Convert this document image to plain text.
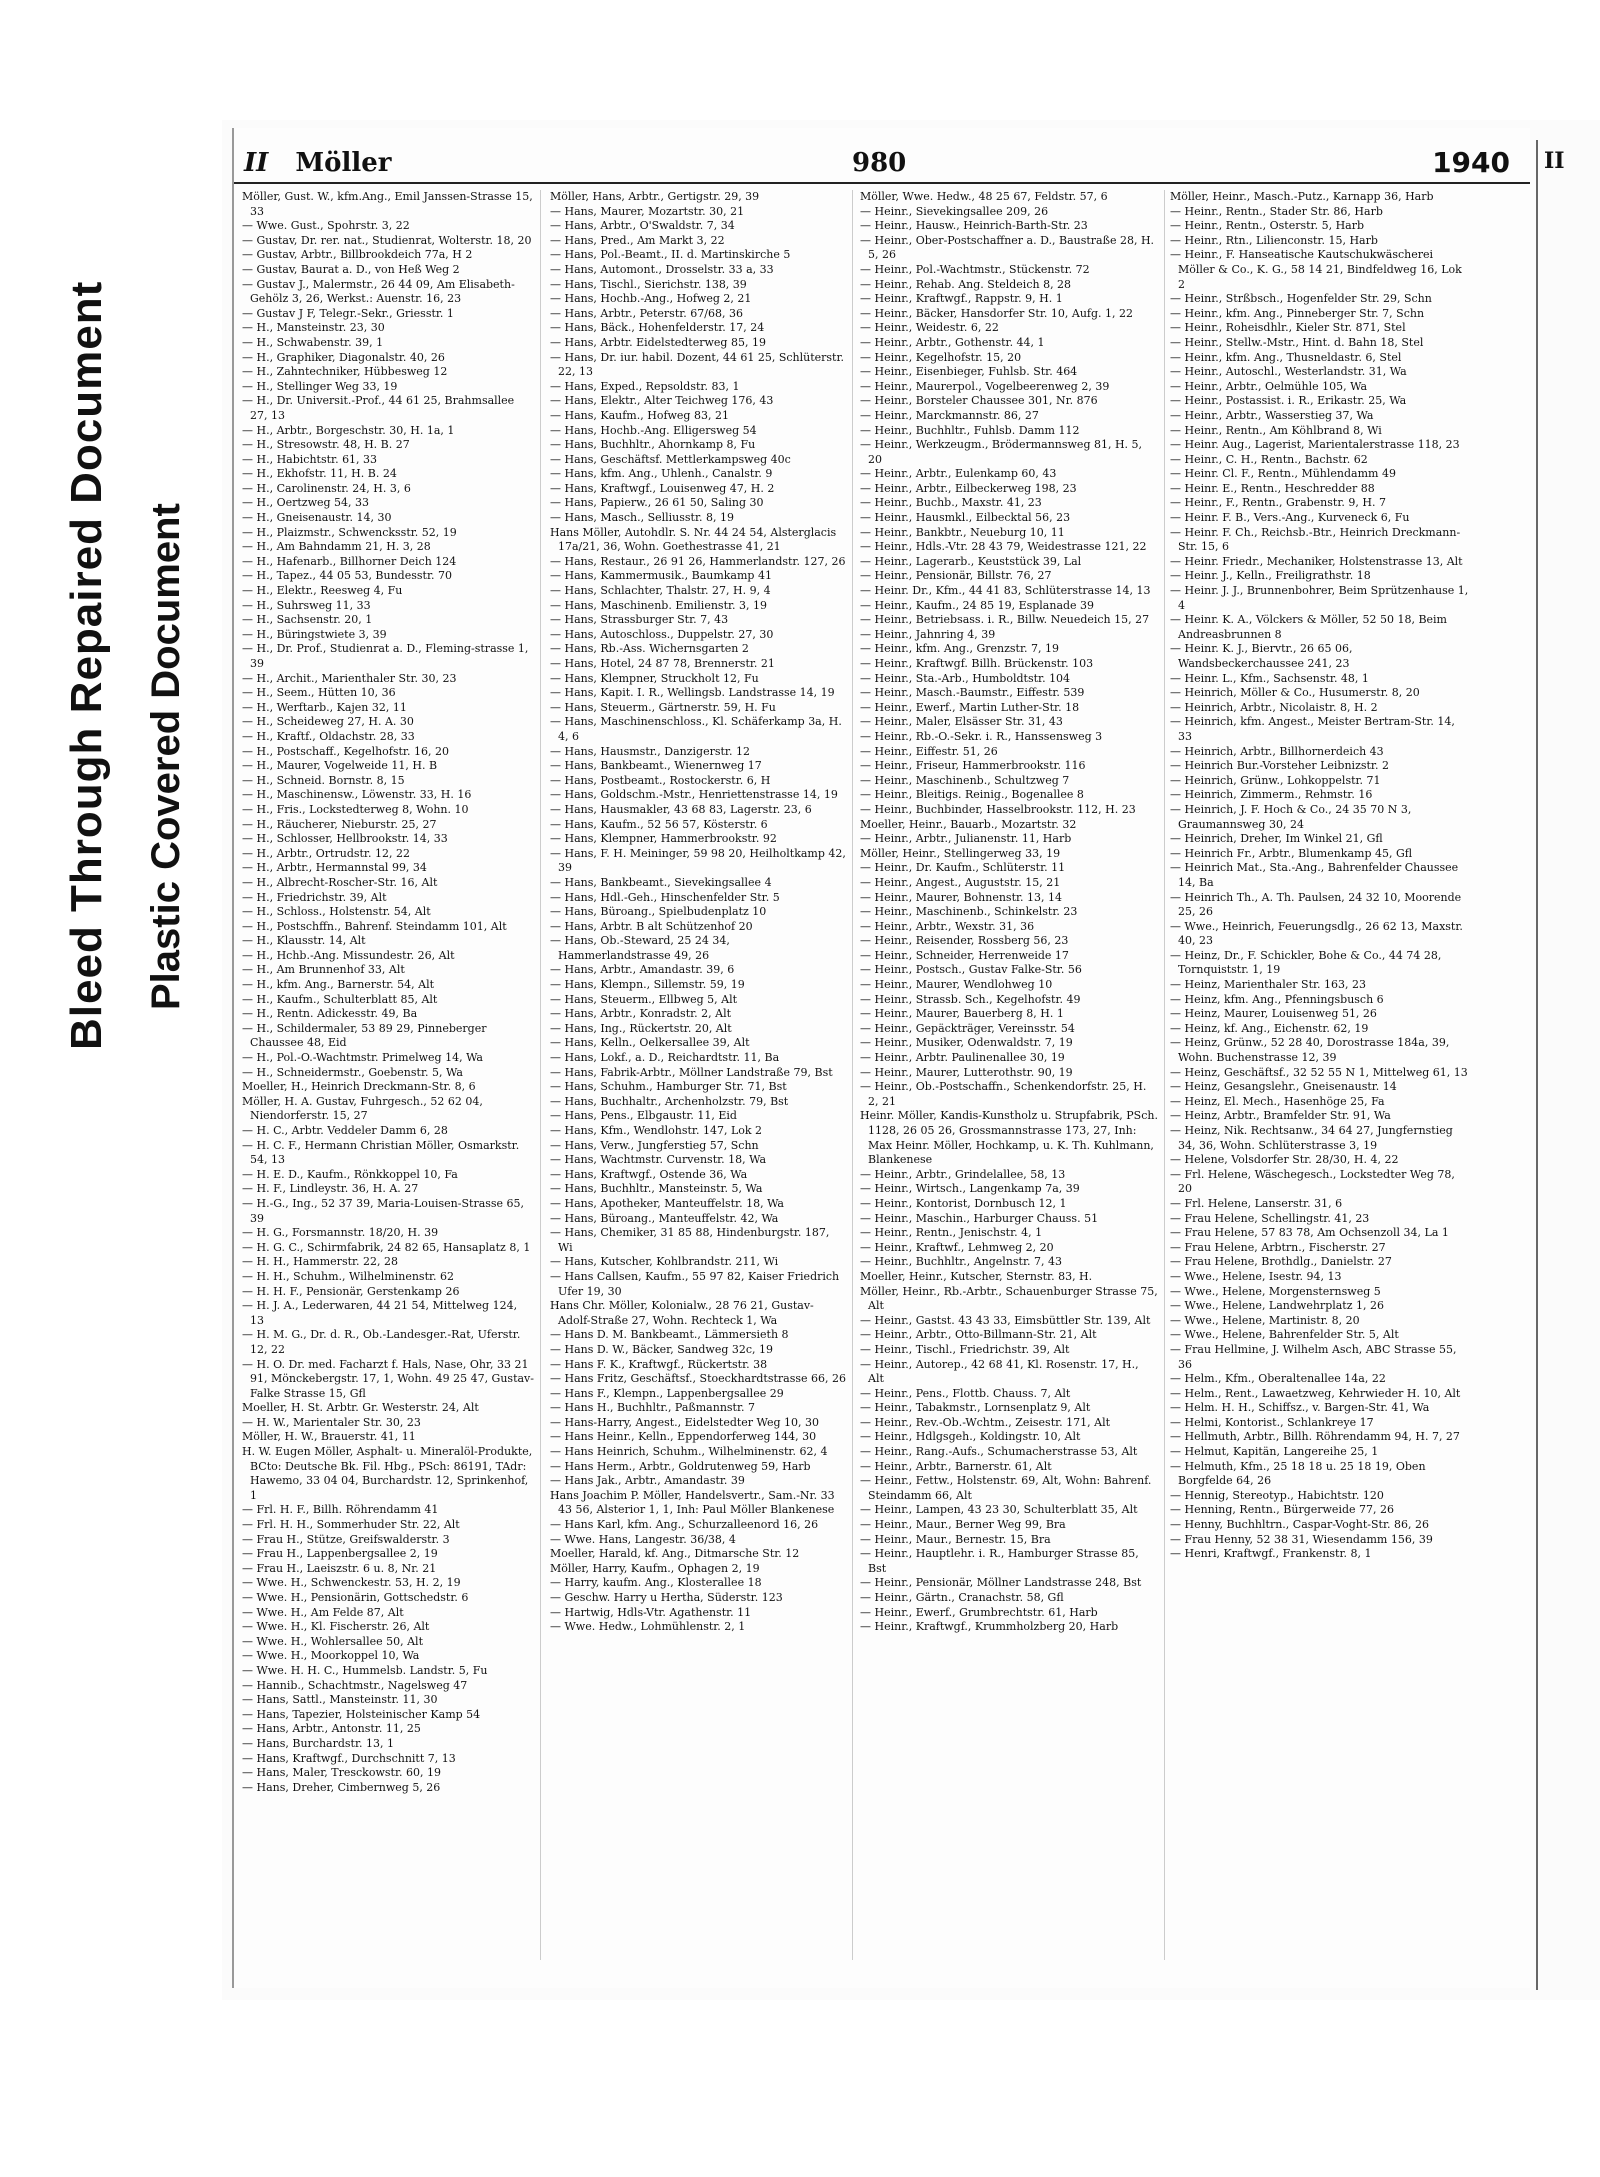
Bleed Through Repaired Document
Plastic Covered Document
II Möller	980	1940

Möller, Gust. W., kfm.Ang., Emil Janssen-Strasse 15, 33

— Wwe. Gust., Spohrstr. 3, 22

— Gustav, Dr. rer. nat., Studienrat, Wolterstr. 18, 20

— Gustav, Arbtr., Billbrookdeich 77a, H 2

— Gustav, Baurat a. D., von Heß Weg 2

— Gustav J., Malermstr., 26 44 09, Am Elisabeth-Gehölz 3, 26, Werkst.: Auenstr. 16, 23

— Gustav J F, Telegr.-Sekr., Griesstr. 1

— H., Mansteinstr. 23, 30

— H., Schwabenstr. 39, 1

— H., Graphiker, Diagonalstr. 40, 26

— H., Zahntechniker, Hübbesweg 12

— H., Stellinger Weg 33, 19

— H., Dr. Universit.-Prof., 44 61 25, Brahmsallee 27, 13

— H., Arbtr., Borgeschstr. 30, H. 1a, 1

— H., Stresowstr. 48, H. B. 27

— H., Habichtstr. 61, 33

— H., Ekhofstr. 11, H. B. 24

— H., Carolinenstr. 24, H. 3, 6

— H., Oertzweg 54, 33

— H., Gneisenaustr. 14, 30

— H., Plaizmstr., Schwencksstr. 52, 19

— H., Am Bahndamm 21, H. 3, 28

— H., Hafenarb., Billhorner Deich 124

— H., Tapez., 44 05 53, Bundesstr. 70

— H., Elektr., Reesweg 4, Fu

— H., Suhrsweg 11, 33

— H., Sachsenstr. 20, 1

— H., Büringstwiete 3, 39

— H., Dr. Prof., Studienrat a. D., Fleming-strasse 1, 39

— H., Archit., Marienthaler Str. 30, 23

— H., Seem., Hütten 10, 36

— H., Werftarb., Kajen 32, 11

— H., Scheideweg 27, H. A. 30

— H., Kraftf., Oldachstr. 28, 33

— H., Postschaff., Kegelhofstr. 16, 20

— H., Maurer, Vogelweide 11, H. B

— H., Schneid. Bornstr. 8, 15

— H., Maschinensw., Löwenstr. 33, H. 16

— H., Fris., Lockstedterweg 8, Wohn. 10

— H., Räucherer, Nieburstr. 25, 27

— H., Schlosser, Hellbrookstr. 14, 33

— H., Arbtr., Ortrudstr. 12, 22

— H., Arbtr., Hermannstal 99, 34

— H., Albrecht-Roscher-Str. 16, Alt

— H., Friedrichstr. 39, Alt

— H., Schloss., Holstenstr. 54, Alt

— H., Postschffn., Bahrenf. Steindamm 101, Alt

— H., Klausstr. 14, Alt

— H., Hchb.-Ang. Missundestr. 26, Alt

— H., Am Brunnenhof 33, Alt

— H., kfm. Ang., Barnerstr. 54, Alt

— H., Kaufm., Schulterblatt 85, Alt

— H., Rentn. Adickesstr. 49, Ba

— H., Schildermaler, 53 89 29, Pinneberger Chaussee 48, Eid

— H., Pol.-O.-Wachtmstr. Primelweg 14, Wa

— H., Schneidermstr., Goebenstr. 5, Wa

Moeller, H., Heinrich Dreckmann-Str. 8, 6

Möller, H. A. Gustav, Fuhrgesch., 52 62 04, Niendorferstr. 15, 27

— H. C., Arbtr. Veddeler Damm 6, 28

— H. C. F., Hermann Christian Möller, Osmarkstr. 54, 13

— H. E. D., Kaufm., Rönkkoppel 10, Fa

— H. F., Lindleystr. 36, H. A. 27

— H.-G., Ing., 52 37 39, Maria-Louisen-Strasse 65, 39

— H. G., Forsmannstr. 18/20, H. 39

— H. G. C., Schirmfabrik, 24 82 65, Hansaplatz 8, 1

— H. H., Hammerstr. 22, 28

— H. H., Schuhm., Wilhelminenstr. 62

— H. H. F., Pensionär, Gerstenkamp 26

— H. J. A., Lederwaren, 44 21 54, Mittelweg 124, 13

— H. M. G., Dr. d. R., Ob.-Landesger.-Rat, Uferstr. 12, 22

— H. O. Dr. med. Facharzt f. Hals, Nase, Ohr, 33 21 91, Mönckebergstr. 17, 1, Wohn. 49 25 47, Gustav-Falke Strasse 15, Gfl

Moeller, H. St. Arbtr. Gr. Westerstr. 24, Alt

— H. W., Marientaler Str. 30, 23

Möller, H. W., Brauerstr. 41, 11

H. W. Eugen Möller, Asphalt- u. Mineralöl-Produkte, BCto: Deutsche Bk. Fil. Hbg., PSch: 86191, TAdr: Hawemo, 33 04 04, Burchardstr. 12, Sprinkenhof, 1

— Frl. H. F., Billh. Röhrendamm 41

— Frl. H. H., Sommerhuder Str. 22, Alt

— Frau H., Stütze, Greifswalderstr. 3

— Frau H., Lappenbergsallee 2, 19

— Frau H., Laeiszstr. 6 u. 8, Nr. 21

— Wwe. H., Schwenckestr. 53, H. 2, 19

— Wwe. H., Pensionärin, Gottschedstr. 6

— Wwe. H., Am Felde 87, Alt

— Wwe. H., Kl. Fischerstr. 26, Alt

— Wwe. H., Wohlersallee 50, Alt

— Wwe. H., Moorkoppel 10, Wa

— Wwe. H. H. C., Hummelsb. Landstr. 5, Fu

— Hannib., Schachtmstr., Nagelsweg 47

— Hans, Sattl., Mansteinstr. 11, 30

— Hans, Tapezier, Holsteinischer Kamp 54

— Hans, Arbtr., Antonstr. 11, 25

— Hans, Burchardstr. 13, 1

— Hans, Kraftwgf., Durchschnitt 7, 13

— Hans, Maler, Tresckowstr. 60, 19

— Hans, Dreher, Cimbernweg 5, 26

Möller, Hans, Arbtr., Gertigstr. 29, 39

— Hans, Maurer, Mozartstr. 30, 21

— Hans, Arbtr., O'Swaldstr. 7, 34

— Hans, Pred., Am Markt 3, 22

— Hans, Pol.-Beamt., II. d. Martinskirche 5

— Hans, Automont., Drosselstr. 33 a, 33

— Hans, Tischl., Sierichstr. 138, 39

— Hans, Hochb.-Ang., Hofweg 2, 21

— Hans, Arbtr., Peterstr. 67/68, 36

— Hans, Bäck., Hohenfelderstr. 17, 24

— Hans, Arbtr. Eidelstedterweg 85, 19

— Hans, Dr. iur. habil. Dozent, 44 61 25, Schlüterstr. 22, 13

— Hans, Exped., Repsoldstr. 83, 1

— Hans, Elektr., Alter Teichweg 176, 43

— Hans, Kaufm., Hofweg 83, 21

— Hans, Hochb.-Ang. Elligersweg 54

— Hans, Buchhltr., Ahornkamp 8, Fu

— Hans, Geschäftsf. Mettlerkampsweg 40c

— Hans, kfm. Ang., Uhlenh., Canalstr. 9

— Hans, Kraftwgf., Louisenweg 47, H. 2

— Hans, Papierw., 26 61 50, Saling 30

— Hans, Masch., Selliusstr. 8, 19

Hans Möller, Autohdlr. S. Nr. 44 24 54, Alsterglacis 17a/21, 36, Wohn. Goethestrasse 41, 21

— Hans, Restaur., 26 91 26, Hammerlandstr. 127, 26

— Hans, Kammermusik., Baumkamp 41

— Hans, Schlachter, Thalstr. 27, H. 9, 4

— Hans, Maschinenb. Emilienstr. 3, 19

— Hans, Strassburger Str. 7, 43

— Hans, Autoschloss., Duppelstr. 27, 30

— Hans, Rb.-Ass. Wichernsgarten 2

— Hans, Hotel, 24 87 78, Brennerstr. 21

— Hans, Klempner, Struckholt 12, Fu

— Hans, Kapit. I. R., Wellingsb. Landstrasse 14, 19

— Hans, Steuerm., Gärtnerstr. 59, H. Fu

— Hans, Maschinenschloss., Kl. Schäferkamp 3a, H. 4, 6

— Hans, Hausmstr., Danzigerstr. 12

— Hans, Bankbeamt., Wienernweg 17

— Hans, Postbeamt., Rostockerstr. 6, H

— Hans, Goldschm.-Mstr., Henriettenstrasse 14, 19

— Hans, Hausmakler, 43 68 83, Lagerstr. 23, 6

— Hans, Kaufm., 52 56 57, Kösterstr. 6

— Hans, Klempner, Hammerbrookstr. 92

— Hans, F. H. Meininger, 59 98 20, Heilholtkamp 42, 39

— Hans, Bankbeamt., Sievekingsallee 4

— Hans, Hdl.-Geh., Hinschenfelder Str. 5

— Hans, Büroang., Spielbudenplatz 10

— Hans, Arbtr. B alt Schützenhof 20

— Hans, Ob.-Steward, 25 24 34, Hammerlandstrasse 49, 26

— Hans, Arbtr., Amandastr. 39, 6

— Hans, Klempn., Sillemstr. 59, 19

— Hans, Steuerm., Ellbweg 5, Alt

— Hans, Arbtr., Konradstr. 2, Alt

— Hans, Ing., Rückertstr. 20, Alt

— Hans, Kelln., Oelkersallee 39, Alt

— Hans, Lokf., a. D., Reichardtstr. 11, Ba

— Hans, Fabrik-Arbtr., Möllner Landstraße 79, Bst

— Hans, Schuhm., Hamburger Str. 71, Bst

— Hans, Buchhaltr., Archenholzstr. 79, Bst

— Hans, Pens., Elbgaustr. 11, Eid

— Hans, Kfm., Wendlohstr. 147, Lok 2

— Hans, Verw., Jungferstieg 57, Schn

— Hans, Wachtmstr. Curvenstr. 18, Wa

— Hans, Kraftwgf., Ostende 36, Wa

— Hans, Buchhltr., Mansteinstr. 5, Wa

— Hans, Apotheker, Manteuffelstr. 18, Wa

— Hans, Büroang., Manteuffelstr. 42, Wa

— Hans, Chemiker, 31 85 88, Hindenburgstr. 187, Wi

— Hans, Kutscher, Kohlbrandstr. 211, Wi

— Hans Callsen, Kaufm., 55 97 82, Kaiser Friedrich Ufer 19, 30

Hans Chr. Möller, Kolonialw., 28 76 21, Gustav-Adolf-Straße 27, Wohn. Rechteck 1, Wa

— Hans D. M. Bankbeamt., Lämmersieth 8

— Hans D. W., Bäcker, Sandweg 32c, 19

— Hans F. K., Kraftwgf., Rückertstr. 38

— Hans Fritz, Geschäftsf., Stoeckhardtstrasse 66, 26

— Hans F., Klempn., Lappenbergsallee 29

— Hans H., Buchhltr., Paßmannstr. 7

— Hans-Harry, Angest., Eidelstedter Weg 10, 30

— Hans Heinr., Kelln., Eppendorferweg 144, 30

— Hans Heinrich, Schuhm., Wilhelminenstr. 62, 4

— Hans Herm., Arbtr., Goldrutenweg 59, Harb

— Hans Jak., Arbtr., Amandastr. 39

Hans Joachim P. Möller, Handelsvertr., Sam.-Nr. 33 43 56, Alsterior 1, 1, Inh: Paul Möller Blankenese

— Hans Karl, kfm. Ang., Schurzalleenord 16, 26

— Wwe. Hans, Langestr. 36/38, 4

Moeller, Harald, kf. Ang., Ditmarsche Str. 12

Möller, Harry, Kaufm., Ophagen 2, 19

— Harry, kaufm. Ang., Klosterallee 18

— Geschw. Harry u Hertha, Süderstr. 123

— Hartwig, Hdls-Vtr. Agathenstr. 11

— Wwe. Hedw., Lohmühlenstr. 2, 1

Möller, Wwe. Hedw., 48 25 67, Feldstr. 57, 6

— Heinr., Sievekingsallee 209, 26

— Heinr., Hausw., Heinrich-Barth-Str. 23

— Heinr., Ober-Postschaffner a. D., Baustraße 28, H. 5, 26

— Heinr., Pol.-Wachtmstr., Stückenstr. 72

— Heinr., Rehab. Ang. Steldeich 8, 28

— Heinr., Kraftwgf., Rappstr. 9, H. 1

— Heinr., Bäcker, Hansdorfer Str. 10, Aufg. 1, 22

— Heinr., Weidestr. 6, 22

— Heinr., Arbtr., Gothenstr. 44, 1

— Heinr., Kegelhofstr. 15, 20

— Heinr., Eisenbieger, Fuhlsb. Str. 464

— Heinr., Maurerpol., Vogelbeerenweg 2, 39

— Heinr., Borsteler Chaussee 301, Nr. 876

— Heinr., Marckmannstr. 86, 27

— Heinr., Buchhltr., Fuhlsb. Damm 112

— Heinr., Werkzeugm., Brödermannsweg 81, H. 5, 20

— Heinr., Arbtr., Eulenkamp 60, 43

— Heinr., Arbtr., Eilbeckerweg 198, 23

— Heinr., Buchb., Maxstr. 41, 23

— Heinr., Hausmkl., Eilbecktal 56, 23

— Heinr., Bankbtr., Neueburg 10, 11

— Heinr., Hdls.-Vtr. 28 43 79, Weidestrasse 121, 22

— Heinr., Lagerarb., Keuststück 39, Lal

— Heinr., Pensionär, Billstr. 76, 27

— Heinr. Dr., Kfm., 44 41 83, Schlüterstrasse 14, 13

— Heinr., Kaufm., 24 85 19, Esplanade 39

— Heinr., Betriebsass. i. R., Billw. Neuedeich 15, 27

— Heinr., Jahnring 4, 39

— Heinr., kfm. Ang., Grenzstr. 7, 19

— Heinr., Kraftwgf. Billh. Brückenstr. 103

— Heinr., Sta.-Arb., Humboldtstr. 104

— Heinr., Masch.-Baumstr., Eiffestr. 539

— Heinr., Ewerf., Martin Luther-Str. 18

— Heinr., Maler, Elsässer Str. 31, 43

— Heinr., Rb.-O.-Sekr. i. R., Hanssensweg 3

— Heinr., Eiffestr. 51, 26

— Heinr., Friseur, Hammerbrookstr. 116

— Heinr., Maschinenb., Schultzweg 7

— Heinr., Bleitigs. Reinig., Bogenallee 8

— Heinr., Buchbinder, Hasselbrookstr. 112, H. 23

Moeller, Heinr., Bauarb., Mozartstr. 32

— Heinr., Arbtr., Julianenstr. 11, Harb

Möller, Heinr., Stellingerweg 33, 19

— Heinr., Dr. Kaufm., Schlüterstr. 11

— Heinr., Angest., Auguststr. 15, 21

— Heinr., Maurer, Bohnenstr. 13, 14

— Heinr., Maschinenb., Schinkelstr. 23

— Heinr., Arbtr., Wexstr. 31, 36

— Heinr., Reisender, Rossberg 56, 23

— Heinr., Schneider, Herrenweide 17

— Heinr., Postsch., Gustav Falke-Str. 56

— Heinr., Maurer, Wendlohweg 10

— Heinr., Strassb. Sch., Kegelhofstr. 49

— Heinr., Maurer, Bauerberg 8, H. 1

— Heinr., Gepäckträger, Vereinsstr. 54

— Heinr., Musiker, Odenwaldstr. 7, 19

— Heinr., Arbtr. Paulinenallee 30, 19

— Heinr., Maurer, Lutterothstr. 90, 19

— Heinr., Ob.-Postschaffn., Schenkendorfstr. 25, H. 2, 21

Heinr. Möller, Kandis-Kunstholz u. Strupfabrik, PSch. 1128, 26 05 26, Grossmannstrasse 173, 27, Inh: Max Heinr. Möller, Hochkamp, u. K. Th. Kuhlmann, Blankenese

— Heinr., Arbtr., Grindelallee, 58, 13

— Heinr., Wirtsch., Langenkamp 7a, 39

— Heinr., Kontorist, Dornbusch 12, 1

— Heinr., Maschin., Harburger Chauss. 51

— Heinr., Rentn., Jenischstr. 4, 1

— Heinr., Kraftwf., Lehmweg 2, 20

— Heinr., Buchhltr., Angelnstr. 7, 43

Moeller, Heinr., Kutscher, Sternstr. 83, H.

Möller, Heinr., Rb.-Arbtr., Schauenburger Strasse 75, Alt

— Heinr., Gastst. 43 43 33, Eimsbüttler Str. 139, Alt

— Heinr., Arbtr., Otto-Billmann-Str. 21, Alt

— Heinr., Tischl., Friedrichstr. 39, Alt

— Heinr., Autorep., 42 68 41, Kl. Rosenstr. 17, H., Alt

— Heinr., Pens., Flottb. Chauss. 7, Alt

— Heinr., Tabakmstr., Lornsenplatz 9, Alt

— Heinr., Rev.-Ob.-Wchtm., Zeisestr. 171, Alt

— Heinr., Hdlgsgeh., Koldingstr. 10, Alt

— Heinr., Rang.-Aufs., Schumacherstrasse 53, Alt

— Heinr., Arbtr., Barnerstr. 61, Alt

— Heinr., Fettw., Holstenstr. 69, Alt, Wohn: Bahrenf. Steindamm 66, Alt

— Heinr., Lampen, 43 23 30, Schulterblatt 35, Alt

— Heinr., Maur., Berner Weg 99, Bra

— Heinr., Maur., Bernestr. 15, Bra

— Heinr., Hauptlehr. i. R., Hamburger Strasse 85, Bst

— Heinr., Pensionär, Möllner Landstrasse 248, Bst

— Heinr., Gärtn., Cranachstr. 58, Gfl

— Heinr., Ewerf., Grumbrechtstr. 61, Harb

— Heinr., Kraftwgf., Krummholzberg 20, Harb

Möller, Heinr., Masch.-Putz., Karnapp 36, Harb

— Heinr., Rentn., Stader Str. 86, Harb

— Heinr., Rentn., Osterstr. 5, Harb

— Heinr., Rtn., Lilienconstr. 15, Harb

— Heinr., F. Hanseatische Kautschukwäscherei Möller & Co., K. G., 58 14 21, Bindfeldweg 16, Lok 2

— Heinr., Strßbsch., Hogenfelder Str. 29, Schn

— Heinr., kfm. Ang., Pinneberger Str. 7, Schn

— Heinr., Roheisdhlr., Kieler Str. 871, Stel

— Heinr., Stellw.-Mstr., Hint. d. Bahn 18, Stel

— Heinr., kfm. Ang., Thusneldastr. 6, Stel

— Heinr., Autoschl., Westerlandstr. 31, Wa

— Heinr., Arbtr., Oelmühle 105, Wa

— Heinr., Postassist. i. R., Erikastr. 25, Wa

— Heinr., Arbtr., Wasserstieg 37, Wa

— Heinr., Rentn., Am Köhlbrand 8, Wi

— Heinr. Aug., Lagerist, Marientalerstrasse 118, 23

— Heinr., C. H., Rentn., Bachstr. 62

— Heinr. Cl. F., Rentn., Mühlendamm 49

— Heinr. E., Rentn., Heschredder 88

— Heinr., F., Rentn., Grabenstr. 9, H. 7

— Heinr. F. B., Vers.-Ang., Kurveneck 6, Fu

— Heinr. F. Ch., Reichsb.-Btr., Heinrich Dreckmann-Str. 15, 6

— Heinr. Friedr., Mechaniker, Holstenstrasse 13, Alt

— Heinr. J., Kelln., Freiligrathstr. 18

— Heinr. J. J., Brunnenbohrer, Beim Sprützenhause 1, 4

— Heinr. K. A., Völckers & Möller, 52 50 18, Beim Andreasbrunnen 8

— Heinr. K. J., Biervtr., 26 65 06, Wandsbeckerchaussee 241, 23

— Heinr. L., Kfm., Sachsenstr. 48, 1

— Heinrich, Möller & Co., Husumerstr. 8, 20

— Heinrich, Arbtr., Nicolaistr. 8, H. 2

— Heinrich, kfm. Angest., Meister Bertram-Str. 14, 33

— Heinrich, Arbtr., Billhornerdeich 43

— Heinrich Bur.-Vorsteher Leibnizstr. 2

— Heinrich, Grünw., Lohkoppelstr. 71

— Heinrich, Zimmerm., Rehmstr. 16

— Heinrich, J. F. Hoch & Co., 24 35 70 N 3, Graumannsweg 30, 24

— Heinrich, Dreher, Im Winkel 21, Gfl

— Heinrich Fr., Arbtr., Blumenkamp 45, Gfl

— Heinrich Mat., Sta.-Ang., Bahrenfelder Chaussee 14, Ba

— Heinrich Th., A. Th. Paulsen, 24 32 10, Moorende 25, 26

— Wwe., Heinrich, Feuerungsdlg., 26 62 13, Maxstr. 40, 23

— Heinz, Dr., F. Schickler, Bohe & Co., 44 74 28, Tornquiststr. 1, 19

— Heinz, Marienthaler Str. 163, 23

— Heinz, kfm. Ang., Pfenningsbusch 6

— Heinz, Maurer, Louisenweg 51, 26

— Heinz, kf. Ang., Eichenstr. 62, 19

— Heinz, Grünw., 52 28 40, Dorostrasse 184a, 39, Wohn. Buchenstrasse 12, 39

— Heinz, Geschäftsf., 32 52 55 N 1, Mittelweg 61, 13

— Heinz, Gesangslehr., Gneisenaustr. 14

— Heinz, El. Mech., Hasenhöge 25, Fa

— Heinz, Arbtr., Bramfelder Str. 91, Wa

— Heinz, Nik. Rechtsanw., 34 64 27, Jungfernstieg 34, 36, Wohn. Schlüterstrasse 3, 19

— Helene, Volsdorfer Str. 28/30, H. 4, 22

— Frl. Helene, Wäschegesch., Lockstedter Weg 78, 20

— Frl. Helene, Lanserstr. 31, 6

— Frau Helene, Schellingstr. 41, 23

— Frau Helene, 57 83 78, Am Ochsenzoll 34, La 1

— Frau Helene, Arbtrn., Fischerstr. 27

— Frau Helene, Brothdlg., Danielstr. 27

— Wwe., Helene, Isestr. 94, 13

— Wwe., Helene, Morgensternsweg 5

— Wwe., Helene, Landwehrplatz 1, 26

— Wwe., Helene, Martinistr. 8, 20

— Wwe., Helene, Bahrenfelder Str. 5, Alt

— Frau Hellmine, J. Wilhelm Asch, ABC Strasse 55, 36

— Helm., Kfm., Oberaltenallee 14a, 22

— Helm., Rent., Lawaetzweg, Kehrwieder H. 10, Alt

— Helm. H. H., Schiffsz., v. Bargen-Str. 41, Wa

— Helmi, Kontorist., Schlankreye 17

— Hellmuth, Arbtr., Billh. Röhrendamm 94, H. 7, 27

— Helmut, Kapitän, Langereihe 25, 1

— Helmuth, Kfm., 25 18 18 u. 25 18 19, Oben Borgfelde 64, 26

— Hennig, Stereotyp., Habichtstr. 120

— Henning, Rentn., Bürgerweide 77, 26

— Henny, Buchhltrn., Caspar-Voght-Str. 86, 26

— Frau Henny, 52 38 31, Wiesendamm 156, 39

— Henri, Kraftwgf., Frankenstr. 8, 1

II
